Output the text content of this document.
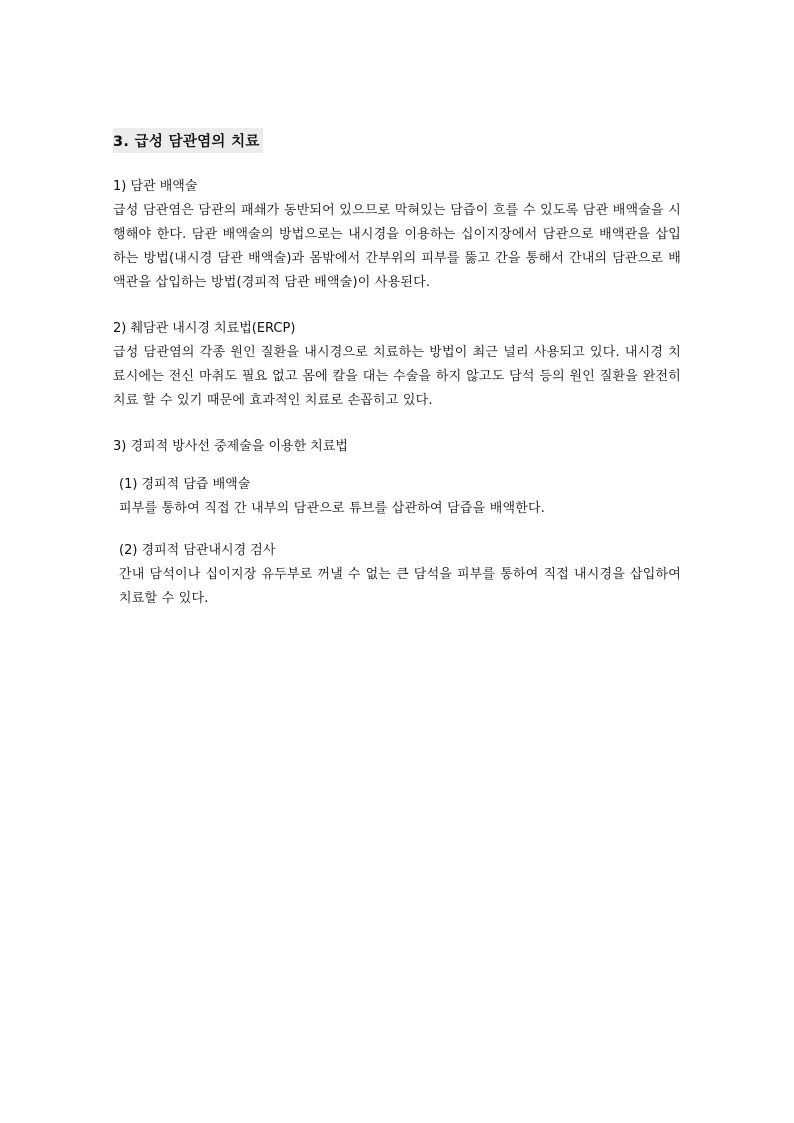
3. 급성 담관염의 치료
1) 담관 배액술
급성 담관염은 담관의 패쇄가 동반되어 있으므로 막혀있는 담즙이 흐를 수 있도록 담관 배액술을 시행해야 한다. 담관 배액술의 방법으로는 내시경을 이용하는 십이지장에서 담관으로 배액관을 삽입하는 방법(내시경 담관 배액술)과 몸밖에서 간부위의 피부를 뚫고 간을 통해서 간내의 담관으로 배액관을 삽입하는 방법(경피적 담관 배액술)이 사용된다.
2) 췌담관 내시경 치료법(ERCP)
급성 담관염의 각종 원인 질환을 내시경으로 치료하는 방법이 최근 널리 사용되고 있다. 내시경 치료시에는 전신 마취도 필요 없고 몸에 칼을 대는 수술을 하지 않고도 담석 등의 원인 질환을 완전히 치료 할 수 있기 때문에 효과적인 치료로 손꼽히고 있다.
3) 경피적 방사선 중제술을 이용한 치료법
(1) 경피적 담즙 배액술
피부를 통하여 직접 간 내부의 담관으로 튜브를 삽관하여 담즙을 배액한다.
(2) 경피적 담관내시경 검사
간내 담석이나 십이지장 유두부로 꺼낼 수 없는 큰 담석을 피부를 통하여 직접 내시경을 삽입하여 치료할 수 있다.
